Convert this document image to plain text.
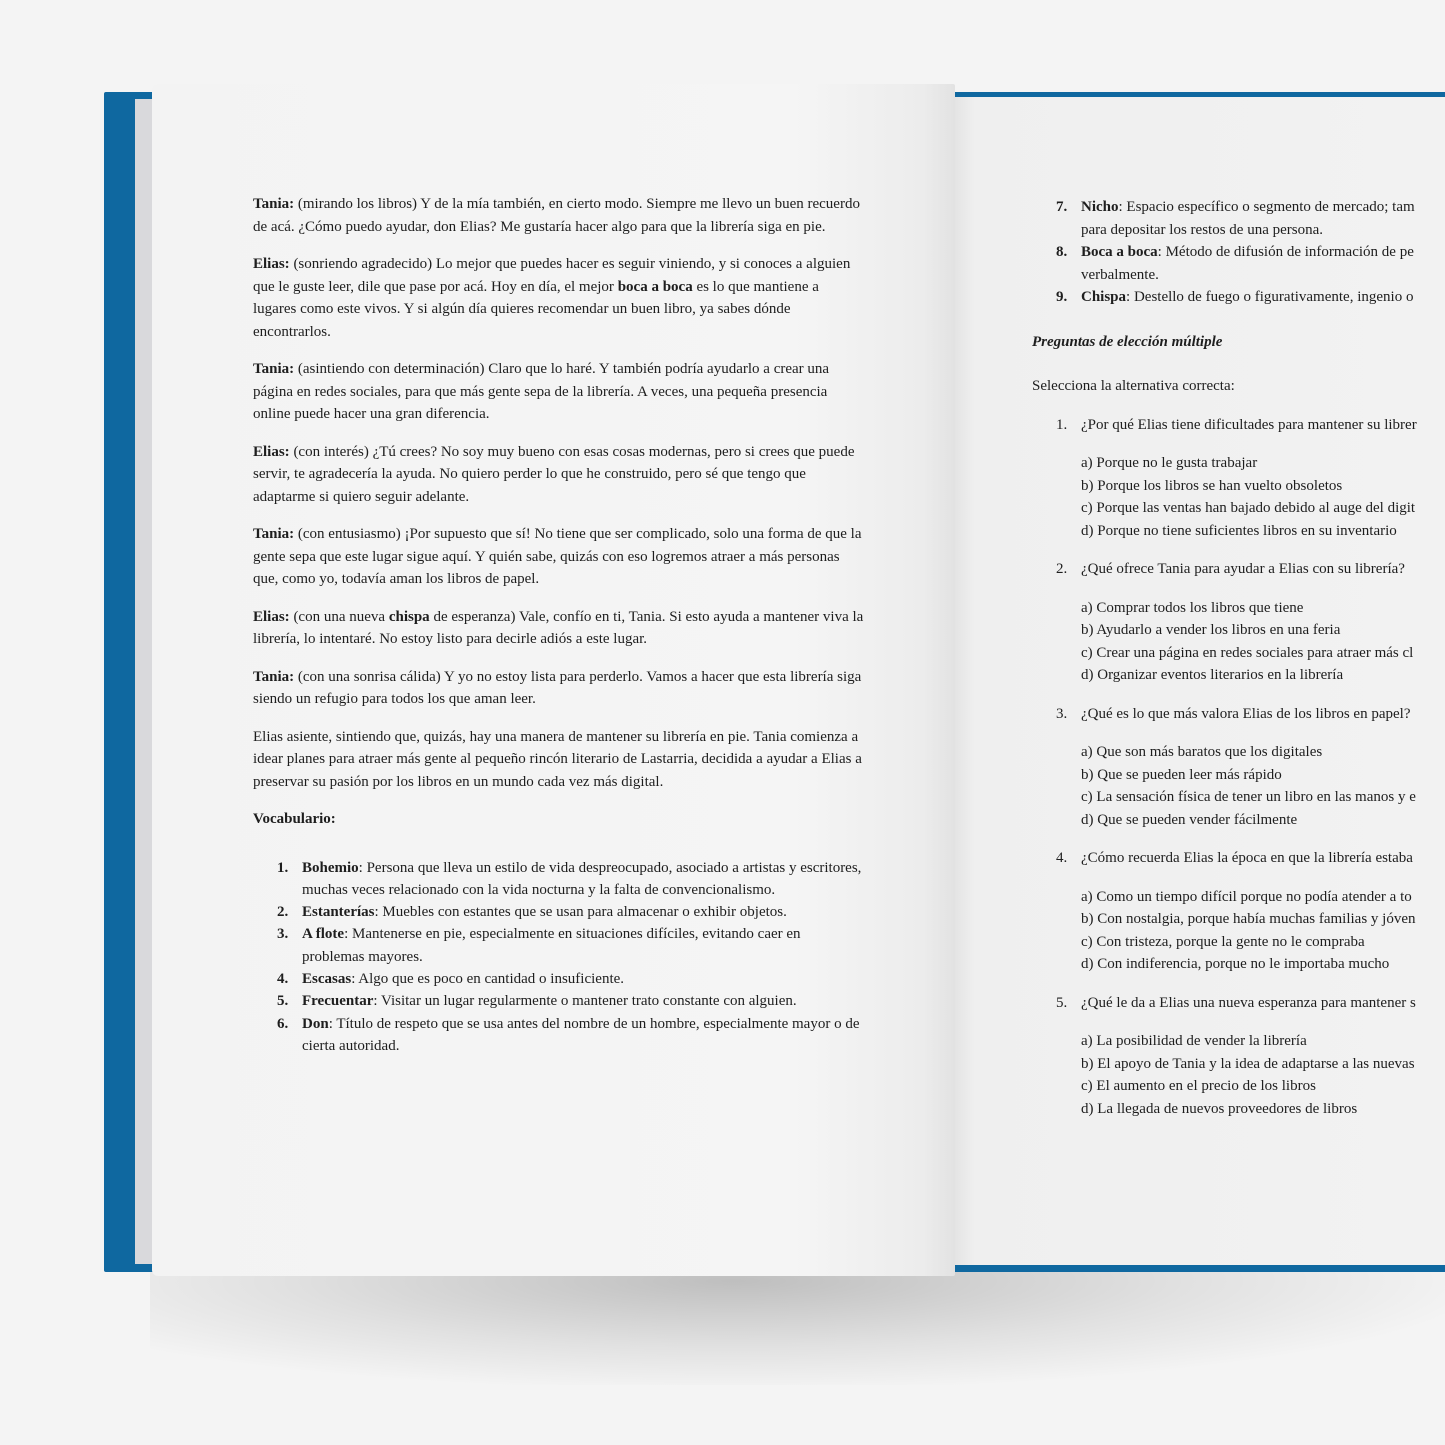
Tania: (mirando los libros) Y de la mía también, en cierto modo. Siempre me llevo un buen recuerdo de acá. ¿Cómo puedo ayudar, don Elias? Me gustaría hacer algo para que la librería siga en pie.

Elias: (sonriendo agradecido) Lo mejor que puedes hacer es seguir viniendo, y si conoces a alguien que le guste leer, dile que pase por acá. Hoy en día, el mejor boca a boca es lo que mantiene a lugares como este vivos. Y si algún día quieres recomendar un buen libro, ya sabes dónde encontrarlos.

Tania: (asintiendo con determinación) Claro que lo haré. Y también podría ayudarlo a crear una página en redes sociales, para que más gente sepa de la librería. A veces, una pequeña presencia online puede hacer una gran diferencia.

Elias: (con interés) ¿Tú crees? No soy muy bueno con esas cosas modernas, pero si crees que puede servir, te agradecería la ayuda. No quiero perder lo que he construido, pero sé que tengo que adaptarme si quiero seguir adelante.

Tania: (con entusiasmo) ¡Por supuesto que sí! No tiene que ser complicado, solo una forma de que la gente sepa que este lugar sigue aquí. Y quién sabe, quizás con eso logremos atraer a más personas que, como yo, todavía aman los libros de papel.

Elias: (con una nueva chispa de esperanza) Vale, confío en ti, Tania. Si esto ayuda a mantener viva la librería, lo intentaré. No estoy listo para decirle adiós a este lugar.

Tania: (con una sonrisa cálida) Y yo no estoy lista para perderlo. Vamos a hacer que esta librería siga siendo un refugio para todos los que aman leer.

Elias asiente, sintiendo que, quizás, hay una manera de mantener su librería en pie. Tania comienza a idear planes para atraer más gente al pequeño rincón literario de Lastarria, decidida a ayudar a Elias a preservar su pasión por los libros en un mundo cada vez más digital.

Vocabulario:

1. Bohemio: Persona que lleva un estilo de vida despreocupado, asociado a artistas y escritores, muchas veces relacionado con la vida nocturna y la falta de convencionalismo.
2. Estanterías: Muebles con estantes que se usan para almacenar o exhibir objetos.
3. A flote: Mantenerse en pie, especialmente en situaciones difíciles, evitando caer en problemas mayores.
4. Escasas: Algo que es poco en cantidad o insuficiente.
5. Frecuentar: Visitar un lugar regularmente o mantener trato constante con alguien.
6. Don: Título de respeto que se usa antes del nombre de un hombre, especialmente mayor o de cierta autoridad.
7. Nicho: Espacio específico o segmento de mercado; tam
para depositar los restos de una persona.
8. Boca a boca: Método de difusión de información de pe
verbalmente.
9. Chispa: Destello de fuego o figurativamente, ingenio o
Preguntas de elección múltiple
Selecciona la alternativa correcta:
1. ¿Por qué Elias tiene dificultades para mantener su librer
a) Porque no le gusta trabajar
b) Porque los libros se han vuelto obsoletos
c) Porque las ventas han bajado debido al auge del digit
d) Porque no tiene suficientes libros en su inventario
2. ¿Qué ofrece Tania para ayudar a Elias con su librería?
a) Comprar todos los libros que tiene
b) Ayudarlo a vender los libros en una feria
c) Crear una página en redes sociales para atraer más cl
d) Organizar eventos literarios en la librería
3. ¿Qué es lo que más valora Elias de los libros en papel?
a) Que son más baratos que los digitales
b) Que se pueden leer más rápido
c) La sensación física de tener un libro en las manos y e
d) Que se pueden vender fácilmente
4. ¿Cómo recuerda Elias la época en que la librería estaba
a) Como un tiempo difícil porque no podía atender a to
b) Con nostalgia, porque había muchas familias y jóven
c) Con tristeza, porque la gente no le compraba
d) Con indiferencia, porque no le importaba mucho
5. ¿Qué le da a Elias una nueva esperanza para mantener s
a) La posibilidad de vender la librería
b) El apoyo de Tania y la idea de adaptarse a las nuevas
c) El aumento en el precio de los libros
d) La llegada de nuevos proveedores de libros
